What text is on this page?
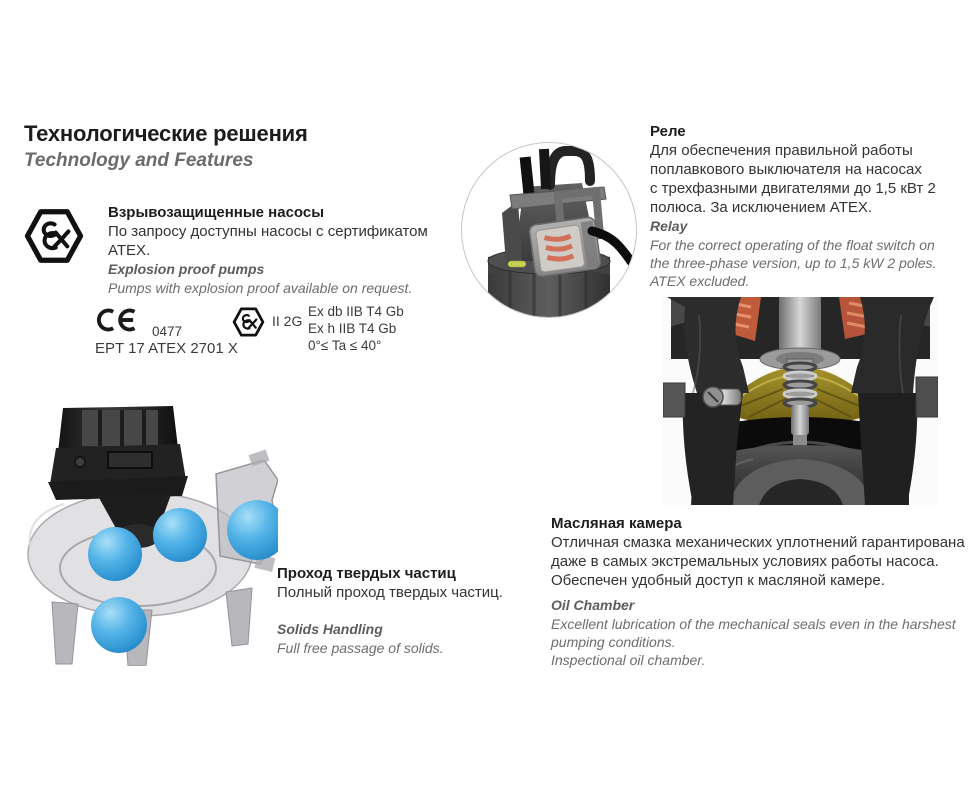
Технологические решения
Technology and Features
Взрывозащищенные насосы
По запросу доступны насосы с сертификатом
ATEX.
Explosion proof pumps
Pumps with explosion proof available on request.
0477
EPT 17 ATEX 2701 X
II 2G
Ex db IIB T4 Gb
Ex h IIB T4 Gb
0°≤ Ta ≤ 40°
Проход твердых частиц
Полный проход твердых частиц.
Solids Handling
Full free passage of solids.
Реле
Для обеспечения правильной работы
поплавкового выключателя на насосах
с трехфазными двигателями до 1,5 кВт 2
полюса. За исключением ATEX.
Relay
For the correct operating of the float switch on
the three-phase version, up to 1,5 kW 2 poles.
ATEX excluded.
Масляная камера
Отличная смазка механических уплотнений гарантирована
даже в самых экстремальных условиях работы насоса.
Обеспечен удобный доступ к масляной камере.
Oil Chamber
Excellent lubrication of the mechanical seals even in the harshest
pumping conditions.
Inspectional oil chamber.
